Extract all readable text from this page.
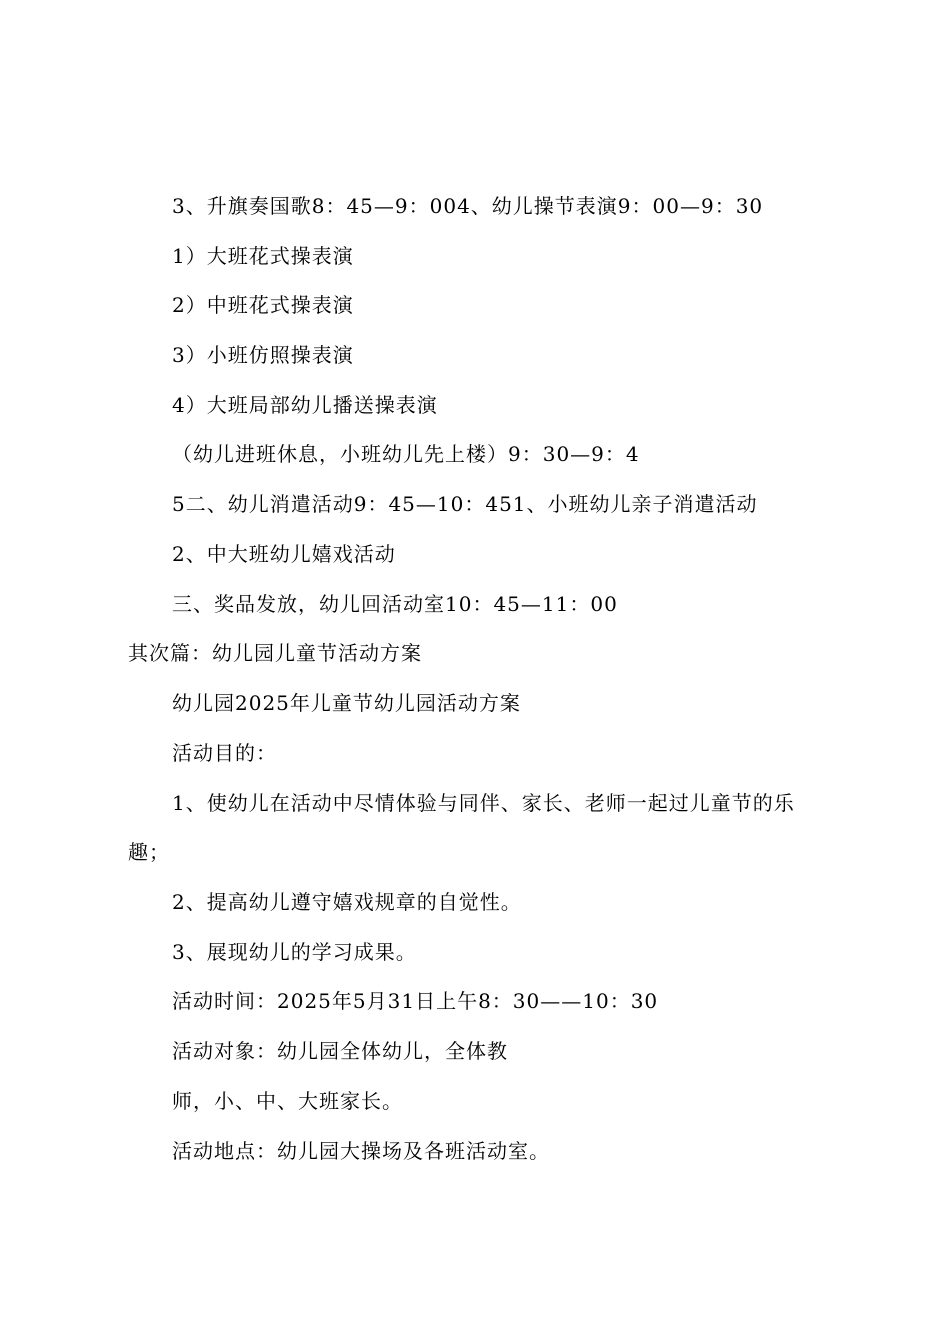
3、升旗奏国歌8：45—9：004、幼儿操节表演9：00—9：30
1）大班花式操表演
2）中班花式操表演
3）小班仿照操表演
4）大班局部幼儿播送操表演
（幼儿进班休息，小班幼儿先上楼）9：30—9：4
5二、幼儿消遣活动9：45—10：451、小班幼儿亲子消遣活动
2、中大班幼儿嬉戏活动
三、奖品发放，幼儿回活动室10：45—11：00
其次篇：幼儿园儿童节活动方案
幼儿园2025年儿童节幼儿园活动方案
活动目的：
1、使幼儿在活动中尽情体验与同伴、家长、老师一起过儿童节的乐
趣；
2、提高幼儿遵守嬉戏规章的自觉性。
3、展现幼儿的学习成果。
活动时间：2025年5月31日上午8：30——10：30
活动对象：幼儿园全体幼儿，全体教
师，小、中、大班家长。
活动地点：幼儿园大操场及各班活动室。
